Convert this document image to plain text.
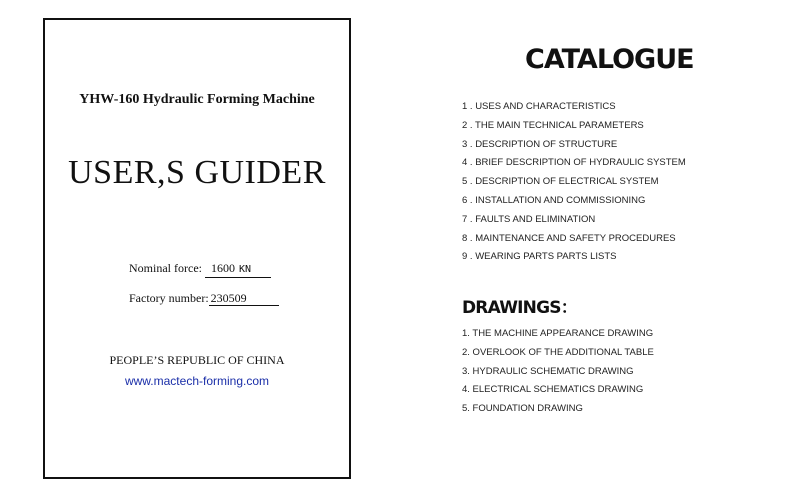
YHW-160 Hydraulic Forming Machine
USER,S GUIDER
Nominal force: 1600 KN
Factory number: 230509
PEOPLE’S REPUBLIC OF CHINA
www.mactech-forming.com
CATALOGUE
1 . USES AND CHARACTERISTICS
2 . THE MAIN TECHNICAL PARAMETERS
3 . DESCRIPTION OF STRUCTURE
4 . BRIEF DESCRIPTION OF HYDRAULIC SYSTEM
5 . DESCRIPTION OF ELECTRICAL SYSTEM
6 . INSTALLATION AND COMMISSIONING
7 . FAULTS AND ELIMINATION
8 . MAINTENANCE AND SAFETY PROCEDURES
9 . WEARING PARTS PARTS LISTS
DRAWINGS：
1. THE MACHINE APPEARANCE DRAWING
2. OVERLOOK OF THE ADDITIONAL TABLE
3. HYDRAULIC SCHEMATIC DRAWING
4. ELECTRICAL SCHEMATICS DRAWING
5. FOUNDATION DRAWING
